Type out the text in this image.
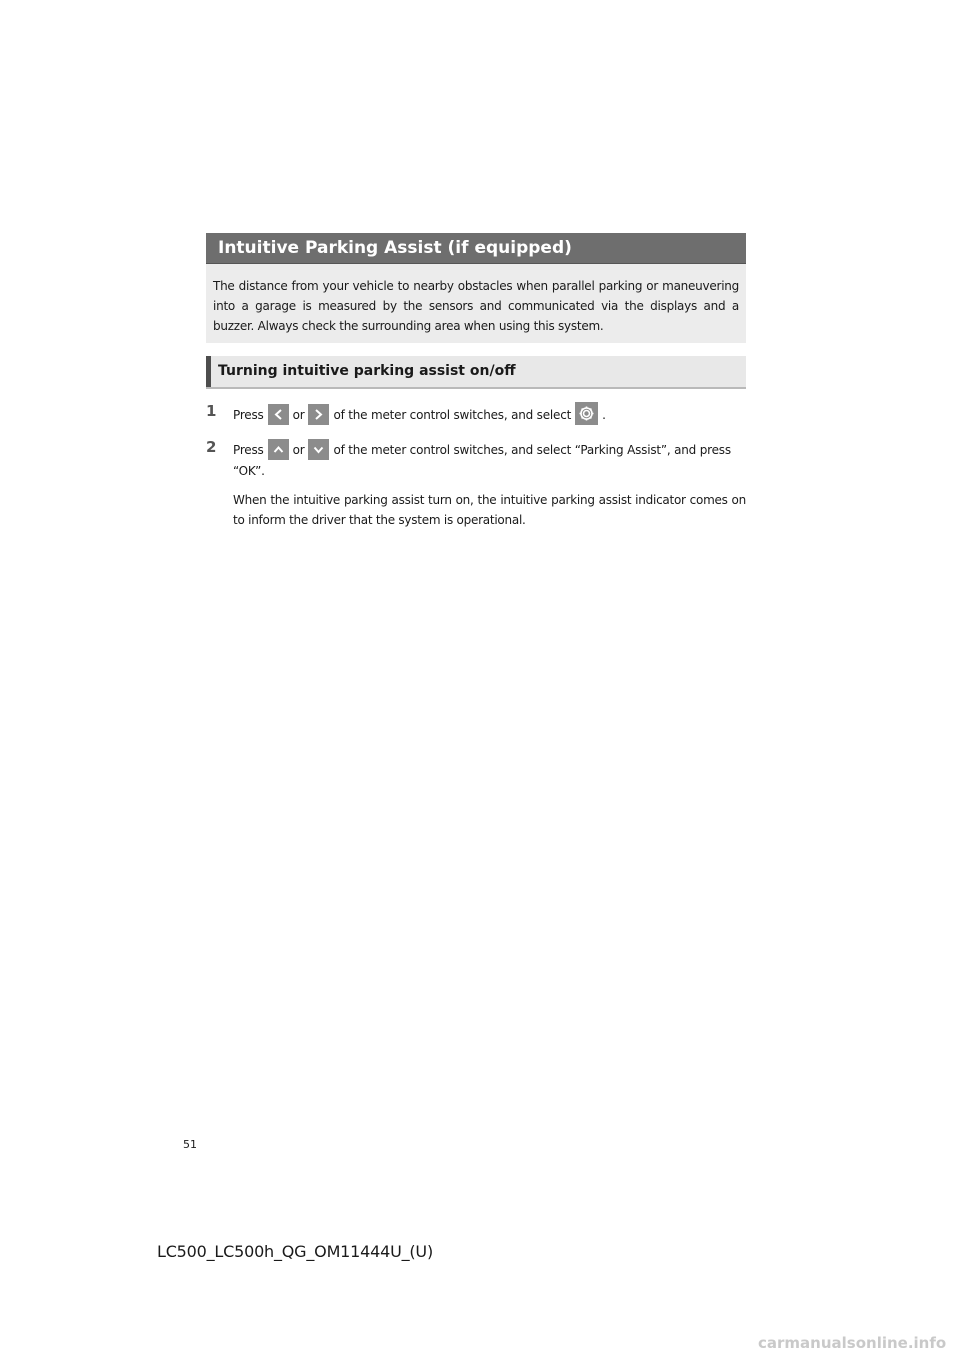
Intuitive Parking Assist (if equipped)

The distance from your vehicle to nearby obstacles when parallel parking or maneuvering into a garage is measured by the sensors and communicated via the displays and a buzzer. Always check the surrounding area when using this system.

Turning intuitive parking assist on/off
1 Press or of the meter control switches, and select	.
2 Press or of the meter control switches, and select “Parking Assist”, and press “OK”.
When the intuitive parking assist turn on, the intuitive parking assist indicator comes on to inform the driver that the system is operational.
51
LC500_LC500h_QG_OM11444U_(U)
carmanualsonline.info
